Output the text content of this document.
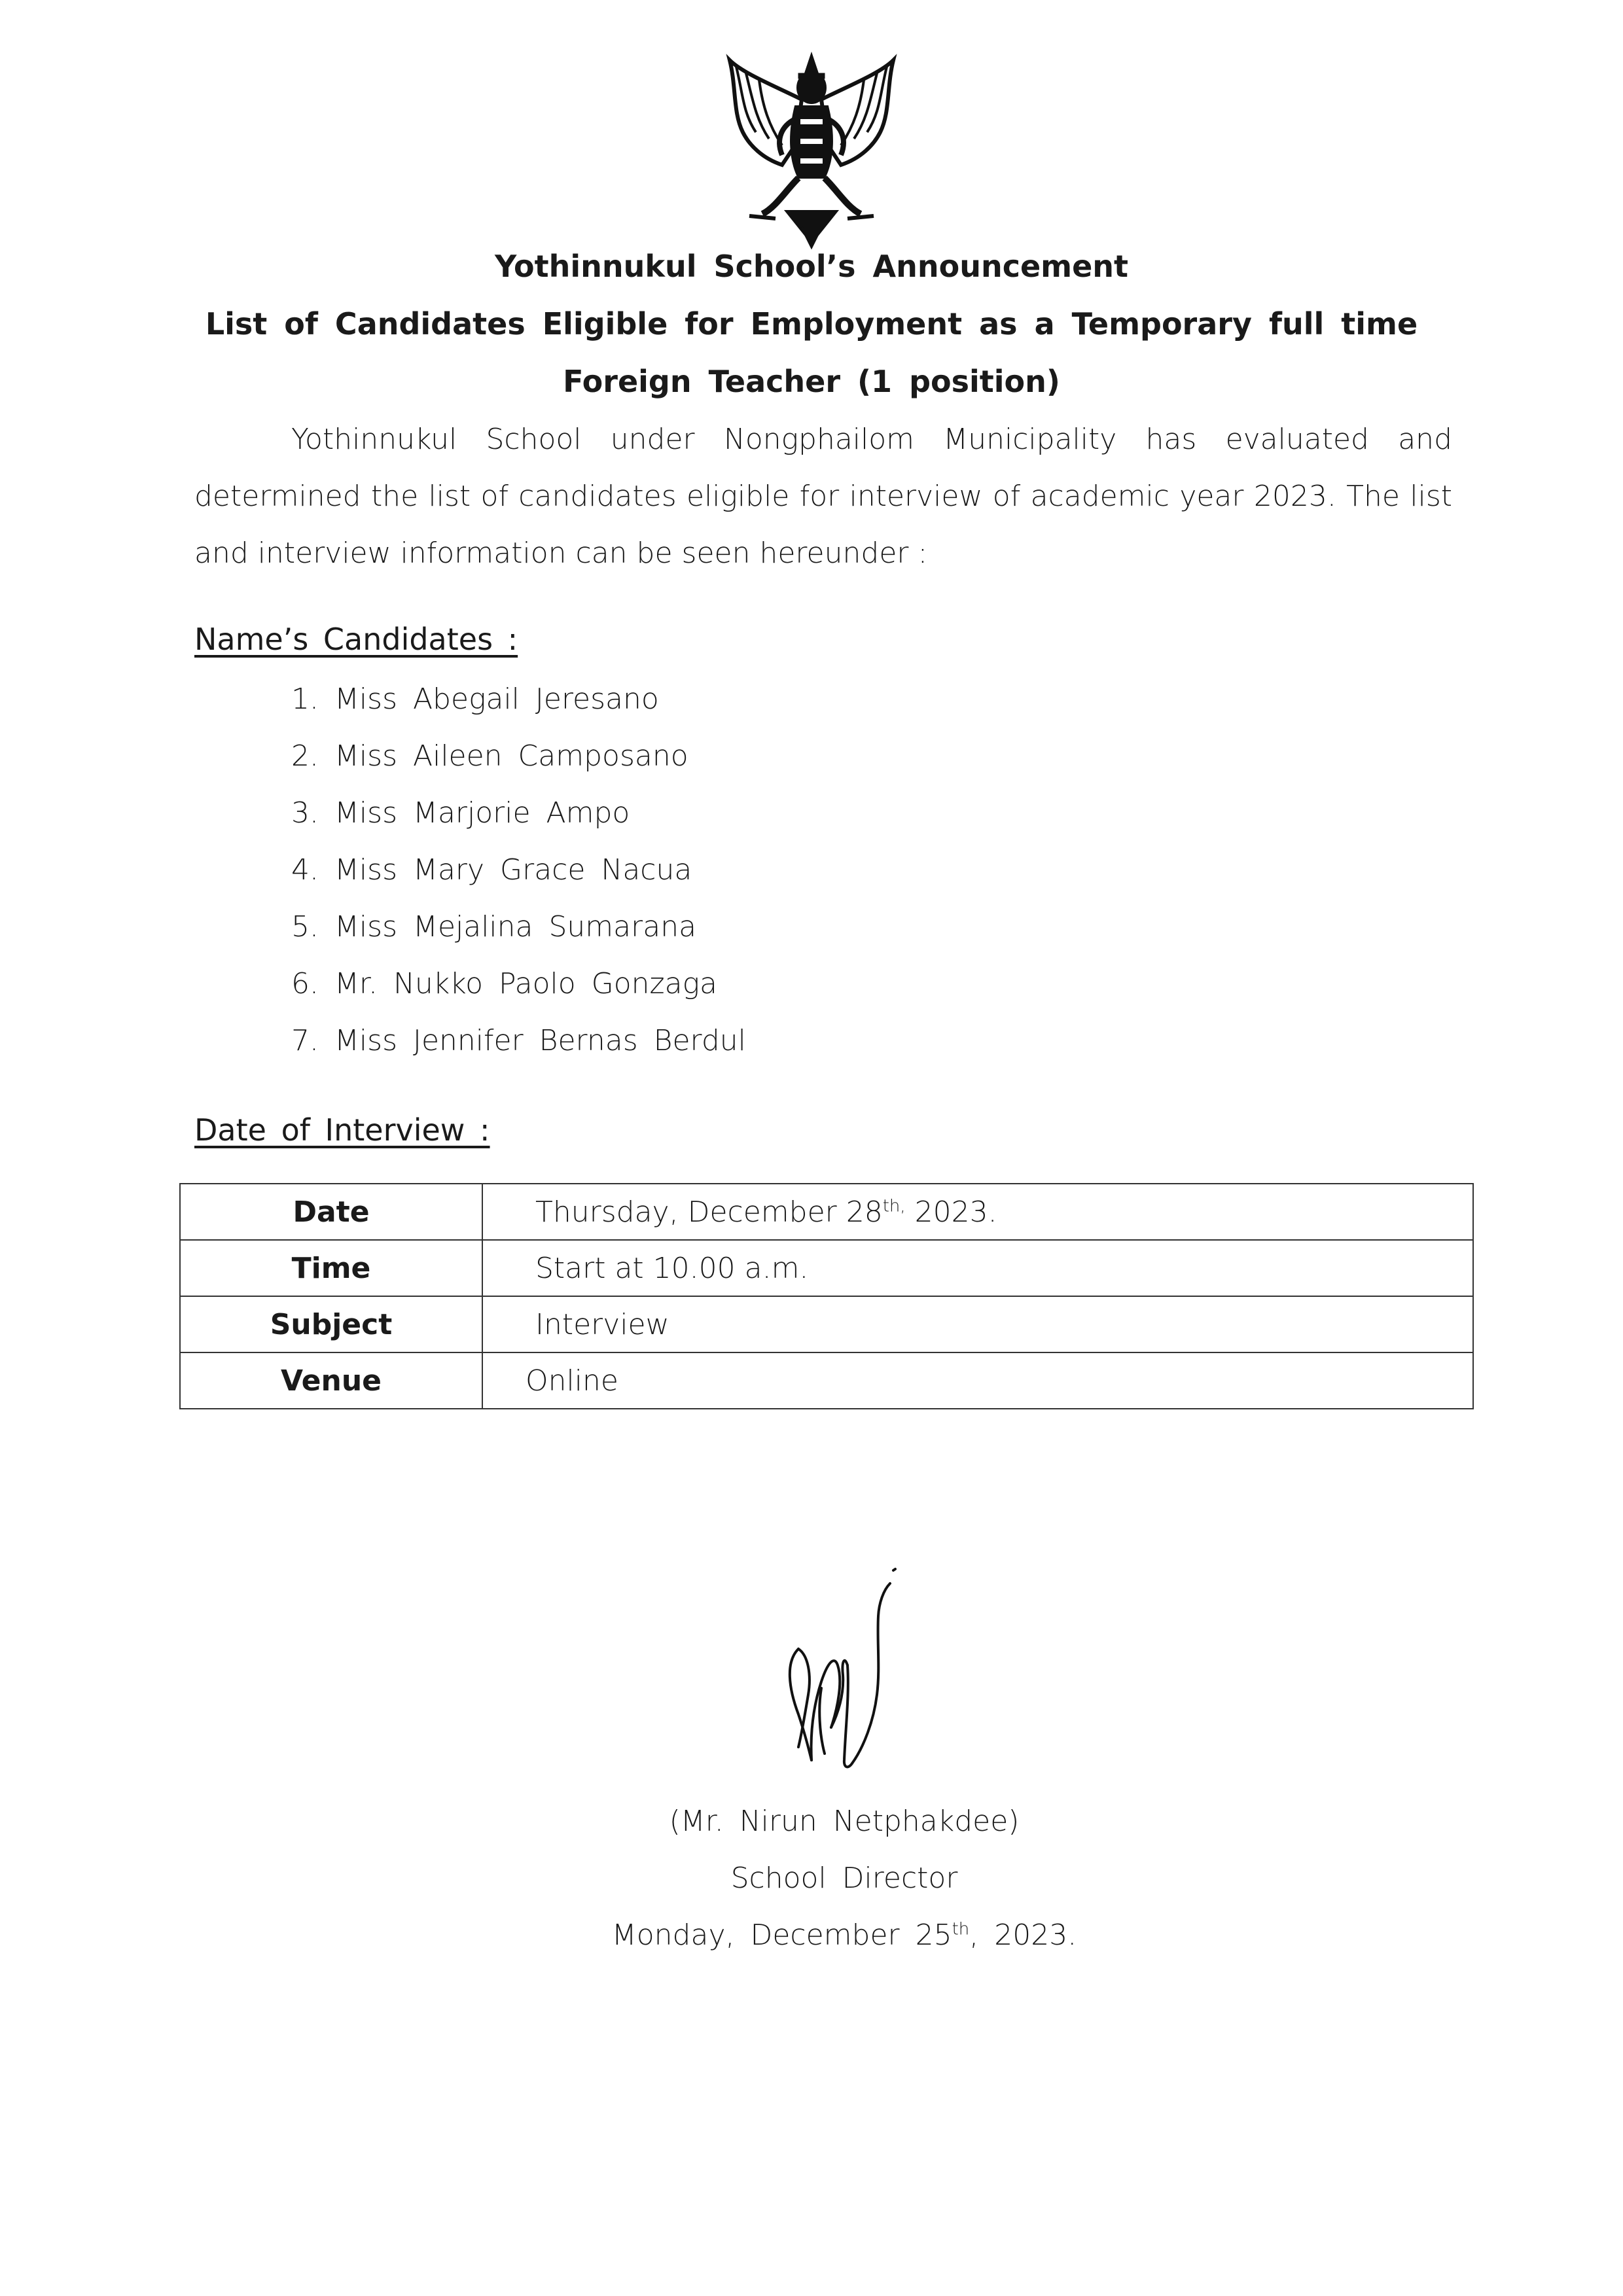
Yothinnukul School’s Announcement
List of Candidates Eligible for Employment as a Temporary full time
Foreign Teacher (1 position)
Yothinnukul School under Nongphailom Municipality has evaluated and determined the list of candidates eligible for interview of academic year 2023. The list and interview information can be seen hereunder :
Name’s Candidates :
1. Miss Abegail Jeresano
2. Miss Aileen Camposano
3. Miss Marjorie Ampo
4. Miss Mary Grace Nacua
5. Miss Mejalina Sumarana
6. Mr. Nukko Paolo Gonzaga
7. Miss Jennifer Bernas Berdul
Date of Interview :
Date	Thursday, December $28^{th,}$ 2023.
Time	Start at 10.00 a.m.
Subject	Interview
Venue	Online
(Mr. Nirun Netphakdee)
School Director
Monday, December 25th, 2023.
